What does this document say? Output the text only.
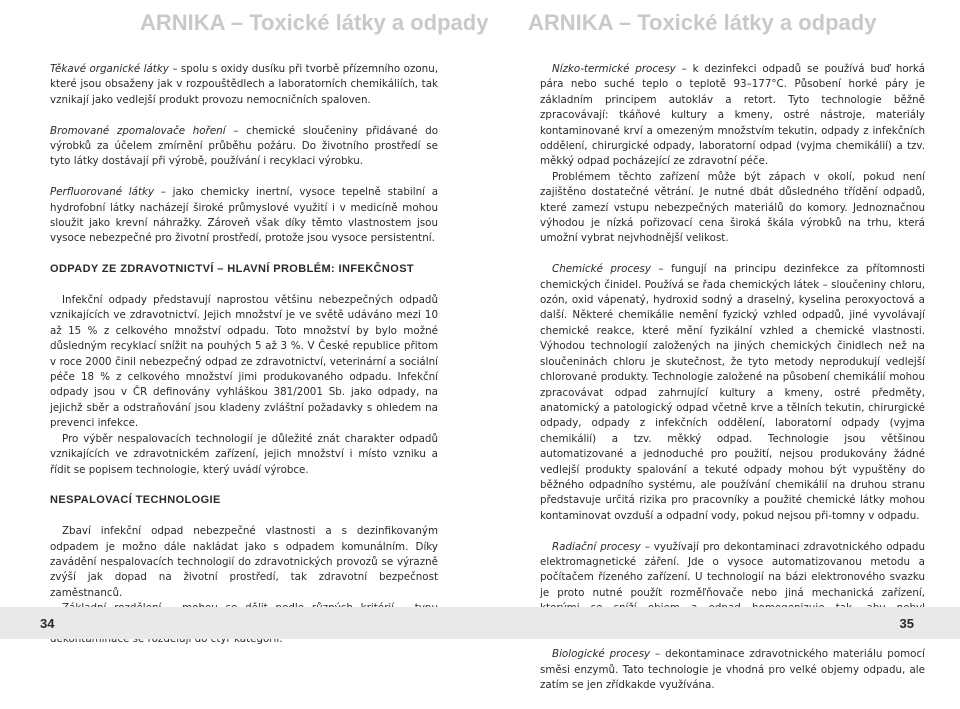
ARNIKA – Toxické látky a odpady

Těkavé organické látky – spolu s oxidy dusíku při tvorbě přízemního ozonu, které jsou obsaženy jak v rozpouštědlech a laboratorních chemikáliích, tak vznikají jako vedlejší produkt provozu nemocničních spaloven.

Bromované zpomalovače hoření – chemické sloučeniny přidávané do výrobků za účelem zmírnění průběhu požáru. Do životního prostředí se tyto látky dostávají při výrobě, používání i recyklaci výrobku.

Perfluorované látky – jako chemicky inertní, vysoce tepelně stabilní a hydrofobní látky nacházejí široké průmyslové využití i v medicíně mohou sloužit jako krevní náhražky. Zároveň však díky těmto vlastnostem jsou vysoce nebezpečné pro životní prostředí, protože jsou vysoce persistentní.

ODPADY ZE ZDRAVOTNICTVÍ – HLAVNÍ PROBLÉM: INFEKČNOST

Infekční odpady představují naprostou většinu nebezpečných odpadů vznikajících ve zdravotnictví. Jejich množství je ve světě udáváno mezi 10 až 15 % z celkového množství odpadu. Toto množství by bylo možné důsledným recyklací snížit na pouhých 5 až 3 %. V České republice přitom v roce 2000 činil nebezpečný odpad ze zdravotnictví, veterinární a sociální péče 18 % z celkového množství jimi produkovaného odpadu. Infekční odpady jsou v ČR definovány vyhláškou 381/2001 Sb. jako odpady, na jejichž sběr a odstraňování jsou kladeny zvláštní požadavky s ohledem na prevenci infekce.

Pro výběr nespalovacích technologií je důležité znát charakter odpadů vznikajících ve zdravotnickém zařízení, jejich množství i místo vzniku a řídit se popisem technologie, který uvádí výrobce.

NESPALOVACÍ TECHNOLOGIE

Zbaví infekční odpad nebezpečné vlastnosti a s dezinfikovaným odpadem je možno dále nakládat jako s odpadem komunálním. Díky zavádění nespalovacích technologií do zdravotnických provozů se výrazně zvýší jak dopad na životní prostředí, tak zdravotní bezpečnost zaměstnanců.

34
ARNIKA – Toxické látky a odpady

Nízko-termické procesy – k dezinfekci odpadů se používá buď horká pára nebo suché teplo o teplotě 93–177°C. Působení horké páry je základním principem autokláv a retort. Tyto technologie běžně zpracovávají: tkáňové kultury a kmeny, ostré nástroje, materiály kontaminované krví a omezeným množstvím tekutin, odpady z infekčních oddělení, chirurgické odpady, laboratorní odpad (vyjma chemikálií) a tzv. měkký odpad pocházející ze zdravotní péče.

Problémem těchto zařízení může být zápach v okolí, pokud není zajištěno dostatečné větrání. Je nutné dbát důsledného třídění odpadů, které zamezí vstupu nebezpečných materiálů do komory. Jednoznačnou výhodou je nízká pořizovací cena široká škála výrobků na trhu, která umožní vybrat nejvhodnější velikost.

Chemické procesy – fungují na principu dezinfekce za přítomnosti chemických činidel. Používá se řada chemických látek – sloučeniny chloru, ozón, oxid vápenatý, hydroxid sodný a draselný, kyselina peroxyoctová a další. Některé chemikálie nemění fyzický vzhled odpadů, jiné vyvolávají chemické reakce, které mění fyzikální vzhled a chemické vlastnosti. Výhodou technologií založených na jiných chemických činidlech než na sloučeninách chloru je skutečnost, že tyto metody neprodukují vedlejší chlorované produkty. Technologie založené na působení chemikálií mohou zpracovávat odpad zahrnující kultury a kmeny, ostré předměty, anatomický a patologický odpad včetně krve a tělních tekutin, chirurgické odpady, odpady z infekčních oddělení, laboratorní odpady (vyjma chemikálií) a tzv. měkký odpad. Technologie jsou většinou automatizované a jednoduché pro použití, nejsou produkovány žádné vedlejší produkty spalování a tekuté odpady mohou být vypuštěny do běžného odpadního systému, ale používání chemikálií na druhou stranu představuje určitá rizika pro pracovníky a použité chemické látky mohou kontaminovat ovzduší a odpadní vody, pokud nejsou při-tomny v odpadu.

Radiační procesy – využívají pro dekontaminaci zdravotnického odpadu elektromagnetické záření. Jde o vysoce automatizovanou metodu a počítačem řízeného zařízení. U technologií na bázi elektronového svazku je proto nutné použít rozměľňovače nebo jiná mechanická zařízení,

Biologické procesy – dekontaminace zdravotnického materiálu pomocí směsi enzymů. Tato technologie je vhodná pro velké objemy odpadu, ale zatím se jen zřídkakde využívána.

35
